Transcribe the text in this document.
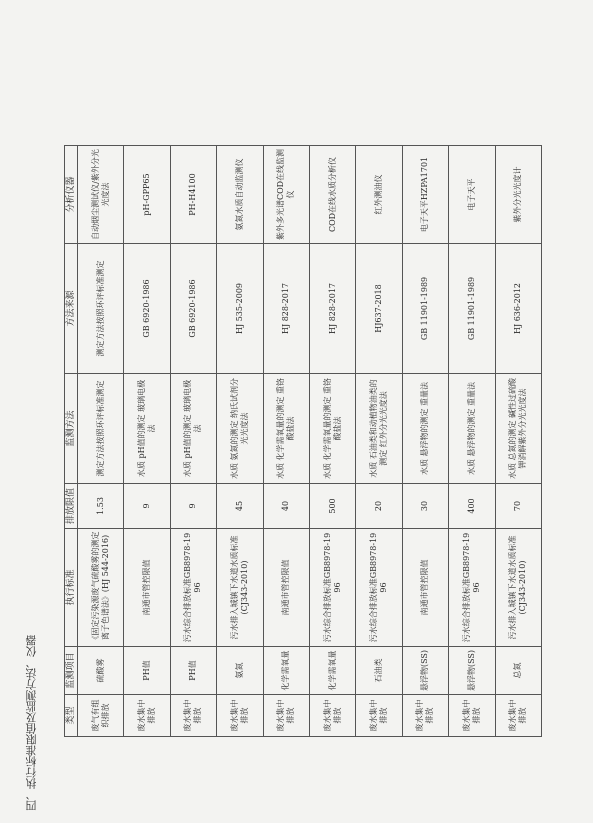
四、执行标准限值及监测方法、仪器	类型	监测项目	执行标准	排放限值	监测方法	方法来源	分析仪器
废气有组织排放	硫酸雾	《固定污染源废气硫酸雾的测定 离子色谱法》(HJ 544-2016)	1.53	测定方法按照环评标准测定	测定方法按照环评标准测定	自动烟尘测试仪/紫外分光光度法
废水集中排放	PH值	南通市管控限值	9	水质 pH值的测定 玻璃电极法	GB 6920-1986	pH-GPP65
废水集中排放	PH值	污水综合排放标准GB8978-1996	9	水质 pH值的测定 玻璃电极法	GB 6920-1986	PH-H4100
废水集中排放	氨氮	污水排入城镇下水道水质标准(CJ343-2010)	45	水质 氨氮的测定 纳氏试剂分光光度法	HJ 535-2009	氨氮水质自动监测仪
废水集中排放	化学需氧量	南通市管控限值	40	水质 化学需氧量的测定 重铬酸盐法	HJ 828-2017	紫外多光谱COD在线监测仪
废水集中排放	化学需氧量	污水综合排放标准GB8978-1996	500	水质 化学需氧量的测定 重铬酸盐法	HJ 828-2017	COD在线水质分析仪
废水集中排放	石油类	污水综合排放标准GB8978-1996	20	水质 石油类和动植物油类的测定 红外分光光度法	HJ637-2018	红外测油仪
废水集中排放	悬浮物(SS)	南通市管控限值	30	水质 悬浮物的测定 重量法	GB 11901-1989	电子天平HZPA1701
废水集中排放	悬浮物(SS)	污水综合排放标准GB8978-1996	400	水质 悬浮物的测定 重量法	GB 11901-1989	电子天平
废水集中排放	总氮	污水排入城镇下水道水质标准(CJ343-2010)	70	水质 总氮的测定 碱性过硫酸钾消解紫外分光光度法	HJ 636-2012	紫外分光光度计
